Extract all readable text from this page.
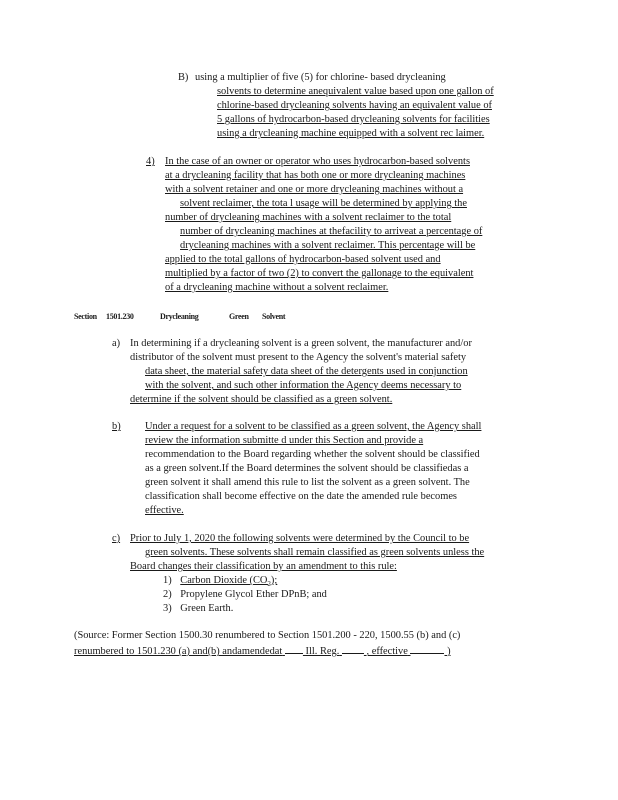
B) using a multiplier of five (5) for chlorine- based drycleaning
solvents to determine anequivalent value based upon one gallon of
chlorine-based drycleaning solvents having an equivalent value of
5 gallons of hydrocarbon-based drycleaning solvents for facilities
using a drycleaning machine equipped with a solvent rec laimer.
4) In the case of an owner or operator who uses hydrocarbon-based solvents
at a drycleaning facility that has both one or more drycleaning machines
with a solvent retainer and one or more drycleaning machines without a
solvent reclaimer, the tota l usage will be determined by applying the
number of drycleaning machines with a solvent reclaimer to the total
number of drycleaning machines at thefacility to arriveat a percentage of
drycleaning machines with a solvent reclaimer. This percentage will be
applied to the total gallons of hydrocarbon-based solvent used and
multiplied by a factor of two (2) to convert the gallonage to the equivalent
of a drycleaning machine without a solvent reclaimer.
Section 1501.230	Drycleaning	Green Solvent
a) In determining if a drycleaning solvent is a green solvent, the manufacturer and/or
distributor of the solvent must present to the Agency the solvent's material safety
data sheet, the material safety data sheet of the detergents used in conjunction
with the solvent, and such other information the Agency deems necessary to
determine if the solvent should be classified as a green solvent.
b) Under a request for a solvent to be classified as a green solvent, the Agency shall
review the information submitte d under this Section and provide a
recommendation to the Board regarding whether the solvent should be classified
as a green solvent.If the Board determines the solvent should be classifiedas a
green solvent it shall amend this rule to list the solvent as a green solvent. The
classification shall become effective on the date the amended rule becomes
effective.
c) Prior to July 1, 2020 the following solvents were determined by the Council to be
green solvents. These solvents shall remain classified as green solvents unless the
Board changes their classification by an amendment to this rule:
1) Carbon Dioxide $(CO_2)$;
2) Propylene Glycol Ether DPnB; and
3) Green Earth.
(Source: Former Section 1500.30 renumbered to Section 1501.200 - 220, 1500.55 (b) and (c)
renumbered to 1501.230 (a) and(b) andamendedat Ill. Reg.	, effective	)
